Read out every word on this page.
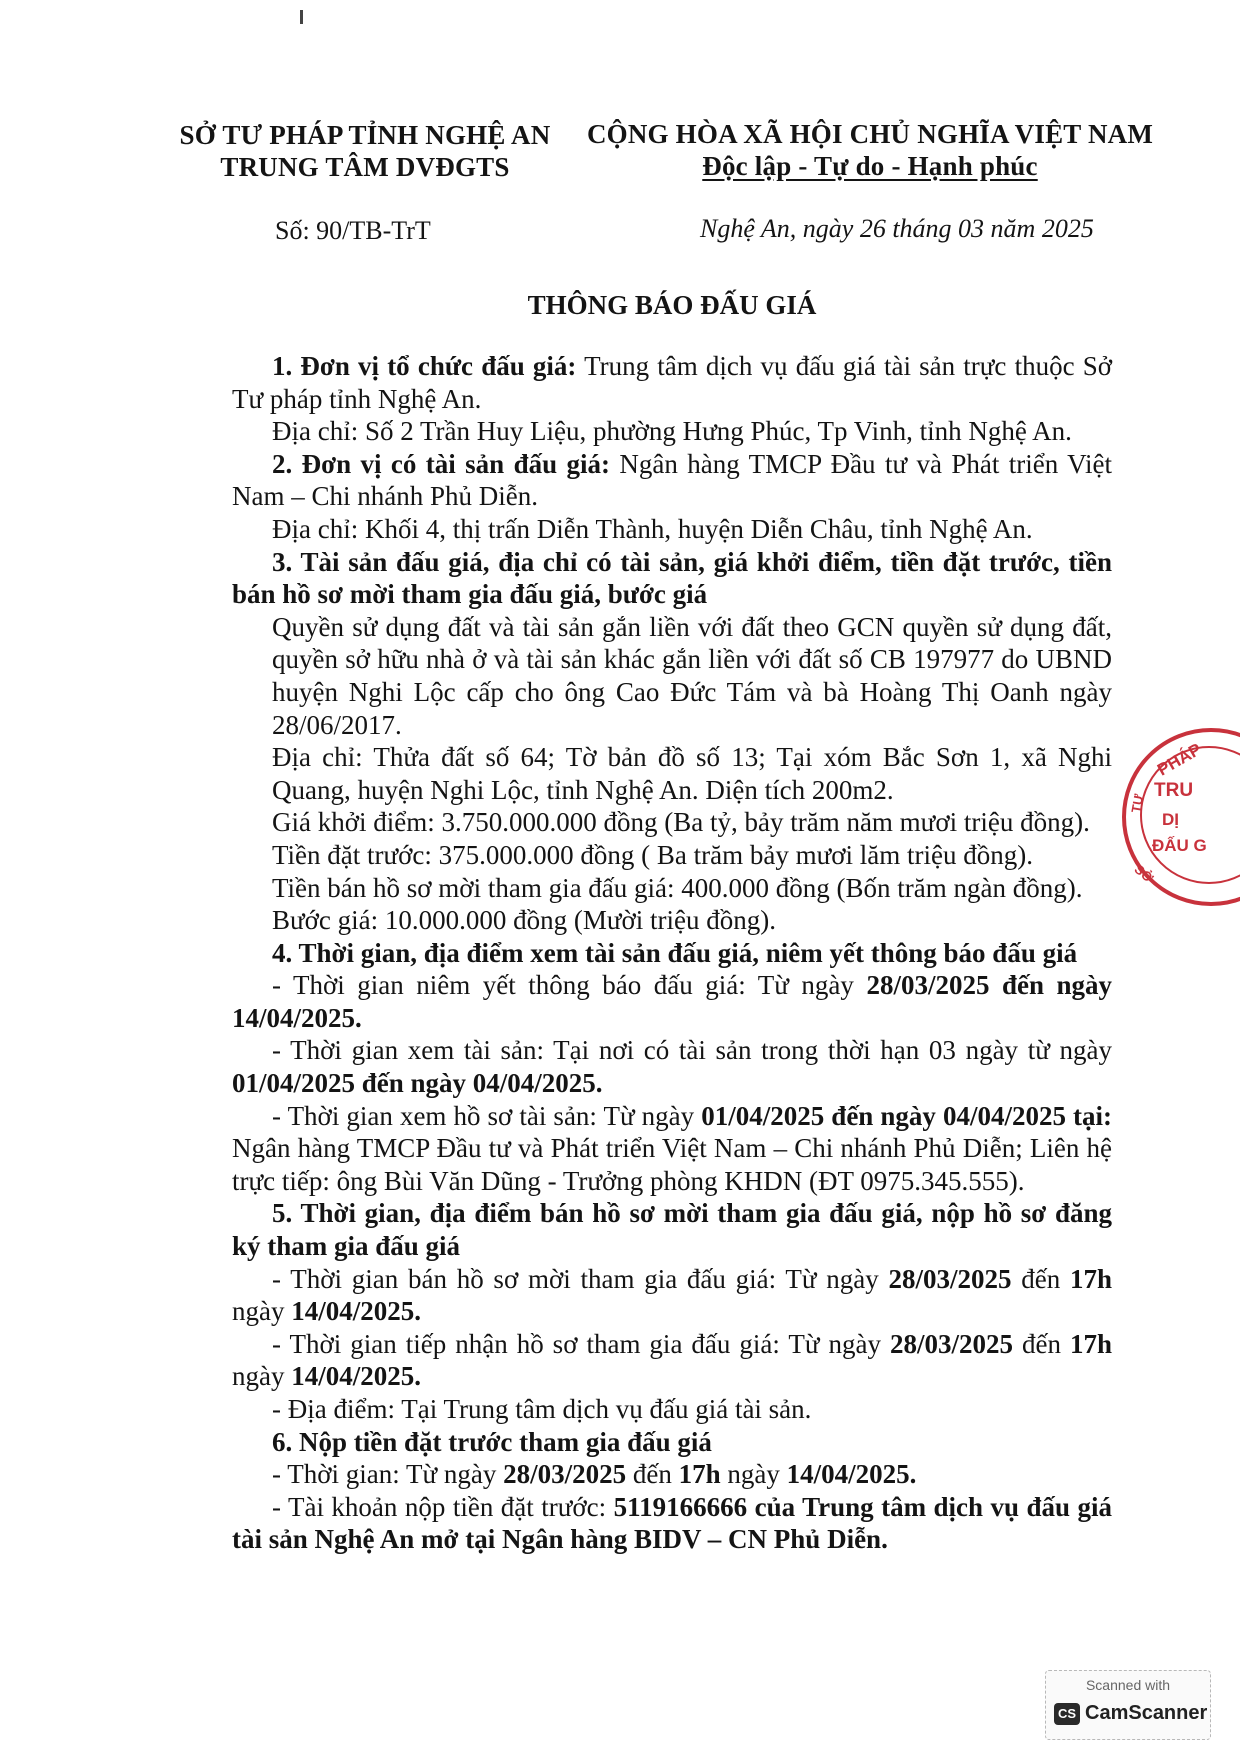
SỞ TƯ PHÁP TỈNH NGHỆ AN
TRUNG TÂM DVĐGTS
CỘNG HÒA XÃ HỘI CHỦ NGHĨA VIỆT NAM
Độc lập - Tự do - Hạnh phúc
Số: 90/TB-TrT	Nghệ An, ngày 26 tháng 03 năm 2025
THÔNG BÁO ĐẤU GIÁ

1. Đơn vị tổ chức đấu giá: Trung tâm dịch vụ đấu giá tài sản trực thuộc Sở Tư pháp tỉnh Nghệ An.

Địa chỉ: Số 2 Trần Huy Liệu, phường Hưng Phúc, Tp Vinh, tỉnh Nghệ An.

2. Đơn vị có tài sản đấu giá: Ngân hàng TMCP Đầu tư và Phát triển Việt Nam – Chi nhánh Phủ Diễn.

Địa chỉ: Khối 4, thị trấn Diễn Thành, huyện Diễn Châu, tỉnh Nghệ An.

3. Tài sản đấu giá, địa chỉ có tài sản, giá khởi điểm, tiền đặt trước, tiền bán hồ sơ mời tham gia đấu giá, bước giá

Quyền sử dụng đất và tài sản gắn liền với đất theo GCN quyền sử dụng đất, quyền sở hữu nhà ở và tài sản khác gắn liền với đất số CB 197977 do UBND huyện Nghi Lộc cấp cho ông Cao Đức Tám và bà Hoàng Thị Oanh ngày 28/06/2017.

Địa chỉ: Thửa đất số 64; Tờ bản đồ số 13; Tại xóm Bắc Sơn 1, xã Nghi Quang, huyện Nghi Lộc, tỉnh Nghệ An. Diện tích 200m2.

Giá khởi điểm: 3.750.000.000 đồng (Ba tỷ, bảy trăm năm mươi triệu đồng).

Tiền đặt trước: 375.000.000 đồng ( Ba trăm bảy mươi lăm triệu đồng).

Tiền bán hồ sơ mời tham gia đấu giá: 400.000 đồng (Bốn trăm ngàn đồng).

Bước giá: 10.000.000 đồng (Mười triệu đồng).

4. Thời gian, địa điểm xem tài sản đấu giá, niêm yết thông báo đấu giá

- Thời gian niêm yết thông báo đấu giá: Từ ngày 28/03/2025 đến ngày 14/04/2025.

- Thời gian xem tài sản: Tại nơi có tài sản trong thời hạn 03 ngày từ ngày 01/04/2025 đến ngày 04/04/2025.

- Thời gian xem hồ sơ tài sản: Từ ngày 01/04/2025 đến ngày 04/04/2025 tại: Ngân hàng TMCP Đầu tư và Phát triển Việt Nam – Chi nhánh Phủ Diễn; Liên hệ trực tiếp: ông Bùi Văn Dũng - Trưởng phòng KHDN (ĐT 0975.345.555).

5. Thời gian, địa điểm bán hồ sơ mời tham gia đấu giá, nộp hồ sơ đăng ký tham gia đấu giá

- Thời gian bán hồ sơ mời tham gia đấu giá: Từ ngày 28/03/2025 đến 17h ngày 14/04/2025.

- Thời gian tiếp nhận hồ sơ tham gia đấu giá: Từ ngày 28/03/2025 đến 17h ngày 14/04/2025.

- Địa điểm: Tại Trung tâm dịch vụ đấu giá tài sản.

6. Nộp tiền đặt trước tham gia đấu giá

- Thời gian: Từ ngày 28/03/2025 đến 17h ngày 14/04/2025.

- Tài khoản nộp tiền đặt trước: 5119166666 của Trung tâm dịch vụ đấu giá tài sản Nghệ An mở tại Ngân hàng BIDV – CN Phủ Diễn.

PHÁP
TRU
DỊ
ĐẤU G
TƯ
SỞ
Scanned with
CS CamScanner
